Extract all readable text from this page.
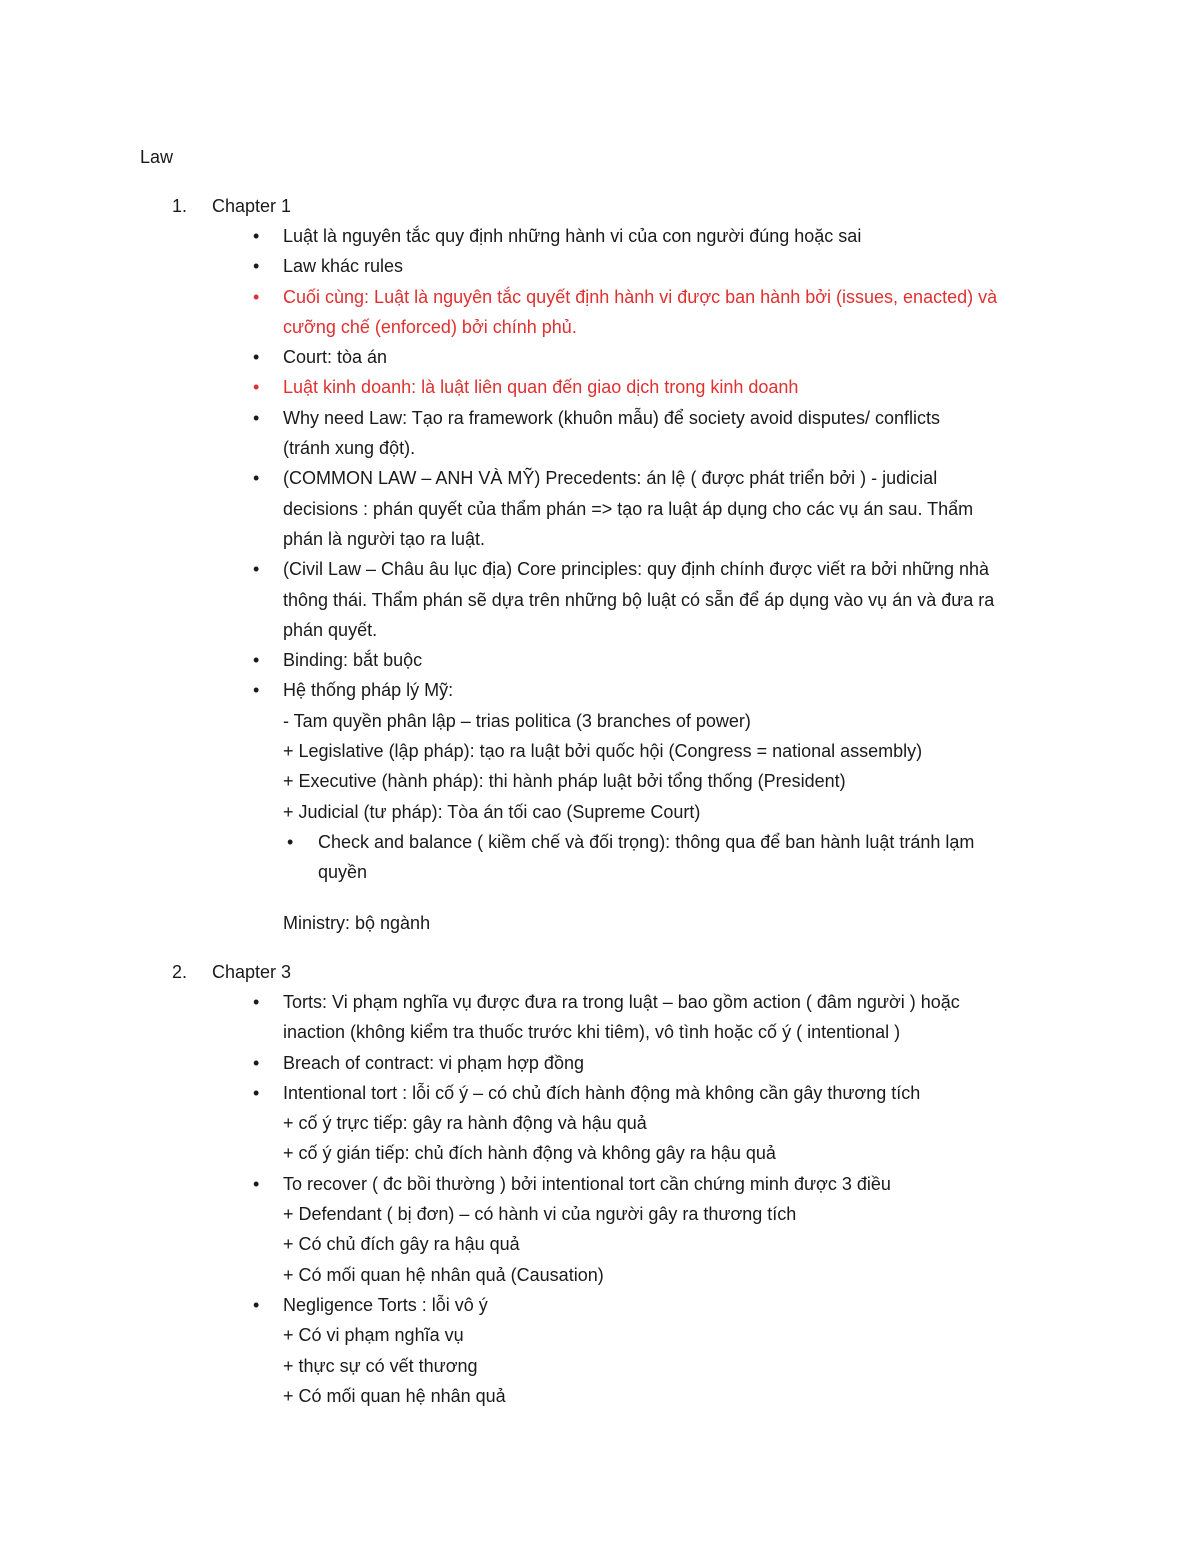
Law
1. Chapter 1
• Luật là nguyên tắc quy định những hành vi của con người đúng hoặc sai
• Law khác rules
• Cuối cùng: Luật là nguyên tắc quyết định hành vi được ban hành bởi (issues, enacted) và
cưỡng chế (enforced) bởi chính phủ.
• Court: tòa án
• Luật kinh doanh: là luật liên quan đến giao dịch trong kinh doanh
• Why need Law: Tạo ra framework (khuôn mẫu) để society avoid disputes/ conflicts
(tránh xung đột).
• (COMMON LAW – ANH VÀ MỸ) Precedents: án lệ ( được phát triển bởi ) - judicial
decisions : phán quyết của thẩm phán => tạo ra luật áp dụng cho các vụ án sau. Thẩm
phán là người tạo ra luật.
• (Civil Law – Châu âu lục địa) Core principles: quy định chính được viết ra bởi những nhà
thông thái. Thẩm phán sẽ dựa trên những bộ luật có sẵn để áp dụng vào vụ án và đưa ra
phán quyết.
• Binding: bắt buộc
• Hệ thống pháp lý Mỹ:
- Tam quyền phân lập – trias politica (3 branches of power)
+ Legislative (lập pháp): tạo ra luật bởi quốc hội (Congress = national assembly)
+ Executive (hành pháp): thi hành pháp luật bởi tổng thống (President)
+ Judicial (tư pháp): Tòa án tối cao (Supreme Court)
• Check and balance ( kiềm chế và đối trọng): thông qua để ban hành luật tránh lạm
quyền
Ministry: bộ ngành
2. Chapter 3
• Torts: Vi phạm nghĩa vụ được đưa ra trong luật – bao gồm action ( đâm người ) hoặc
inaction (không kiểm tra thuốc trước khi tiêm), vô tình hoặc cố ý ( intentional )
• Breach of contract: vi phạm hợp đồng
• Intentional tort : lỗi cố ý – có chủ đích hành động mà không cần gây thương tích
+ cố ý trực tiếp: gây ra hành động và hậu quả
+ cố ý gián tiếp: chủ đích hành động và không gây ra hậu quả
• To recover ( đc bồi thường ) bởi intentional tort cần chứng minh được 3 điều
+ Defendant ( bị đơn) – có hành vi của người gây ra thương tích
+ Có chủ đích gây ra hậu quả
+ Có mối quan hệ nhân quả (Causation)
• Negligence Torts : lỗi vô ý
+ Có vi phạm nghĩa vụ
+ thực sự có vết thương
+ Có mối quan hệ nhân quả
